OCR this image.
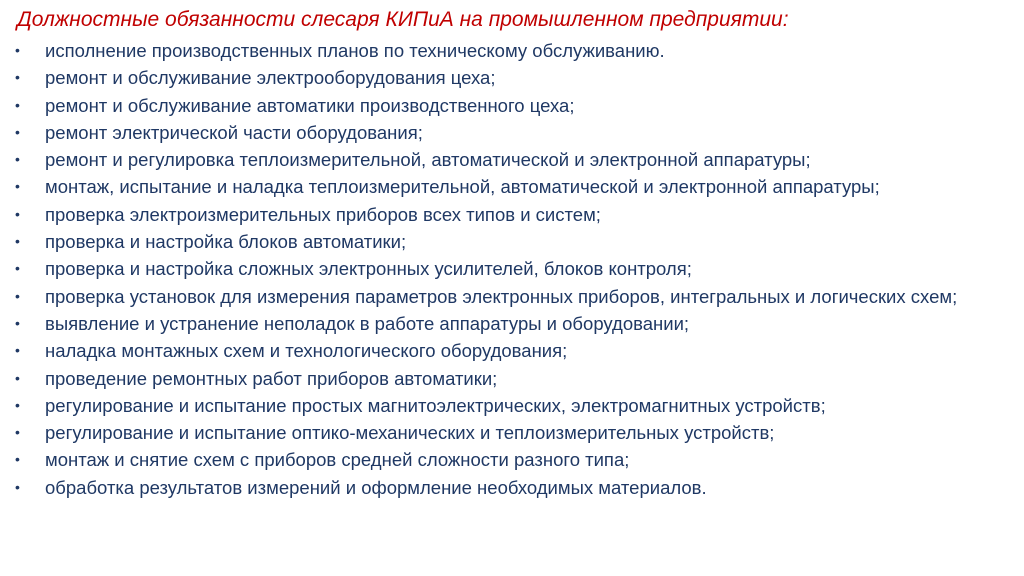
Должностные обязанности слесаря КИПиА на промышленном предприятии:
•	исполнение производственных планов по техническому обслуживанию.
•	ремонт и обслуживание электрооборудования цеха;
•	ремонт и обслуживание автоматики производственного цеха;
•	ремонт электрической части оборудования;
•	ремонт и регулировка теплоизмерительной, автоматической и электронной аппаратуры;
•	монтаж, испытание и наладка теплоизмерительной, автоматической и электронной аппаратуры;
•	проверка электроизмерительных приборов всех типов и систем;
•	проверка и настройка блоков автоматики;
•	проверка и настройка сложных электронных усилителей, блоков контроля;
•	проверка установок для измерения параметров электронных приборов, интегральных и логических схем;
•	выявление и устранение неполадок в работе аппаратуры и оборудовании;
•	наладка монтажных схем и технологического оборудования;
•	проведение ремонтных работ приборов автоматики;
•	регулирование и испытание простых магнитоэлектрических, электромагнитных устройств;
•	регулирование и испытание оптико-механических и теплоизмерительных устройств;
•	монтаж и снятие схем с приборов средней сложности разного типа;
•	обработка результатов измерений и оформление необходимых материалов.
